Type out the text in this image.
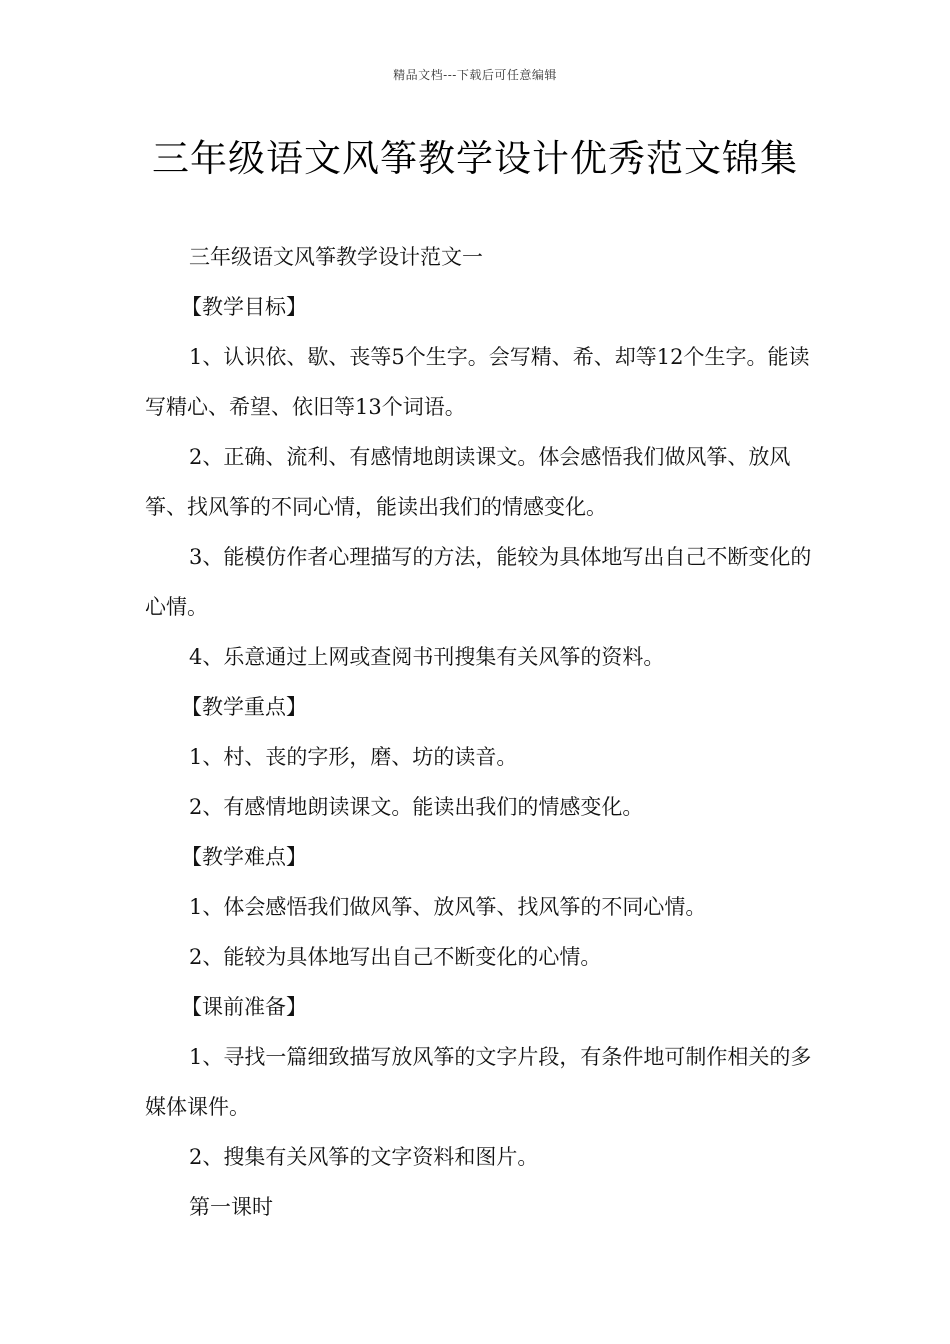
精品文档---下载后可任意编辑
三年级语文风筝教学设计优秀范文锦集

三年级语文风筝教学设计范文一

【教学目标】

1、认识依、歇、丧等5个生字。会写精、希、却等12个生字。能读写精心、希望、依旧等13个词语。

2、正确、流利、有感情地朗读课文。体会感悟我们做风筝、放风筝、找风筝的不同心情，能读出我们的情感变化。

3、能模仿作者心理描写的方法，能较为具体地写出自己不断变化的心情。

4、乐意通过上网或查阅书刊搜集有关风筝的资料。

【教学重点】

1、村、丧的字形，磨、坊的读音。

2、有感情地朗读课文。能读出我们的情感变化。

【教学难点】

1、体会感悟我们做风筝、放风筝、找风筝的不同心情。

2、能较为具体地写出自己不断变化的心情。

【课前准备】

1、寻找一篇细致描写放风筝的文字片段，有条件地可制作相关的多媒体课件。

2、搜集有关风筝的文字资料和图片。

第一课时
